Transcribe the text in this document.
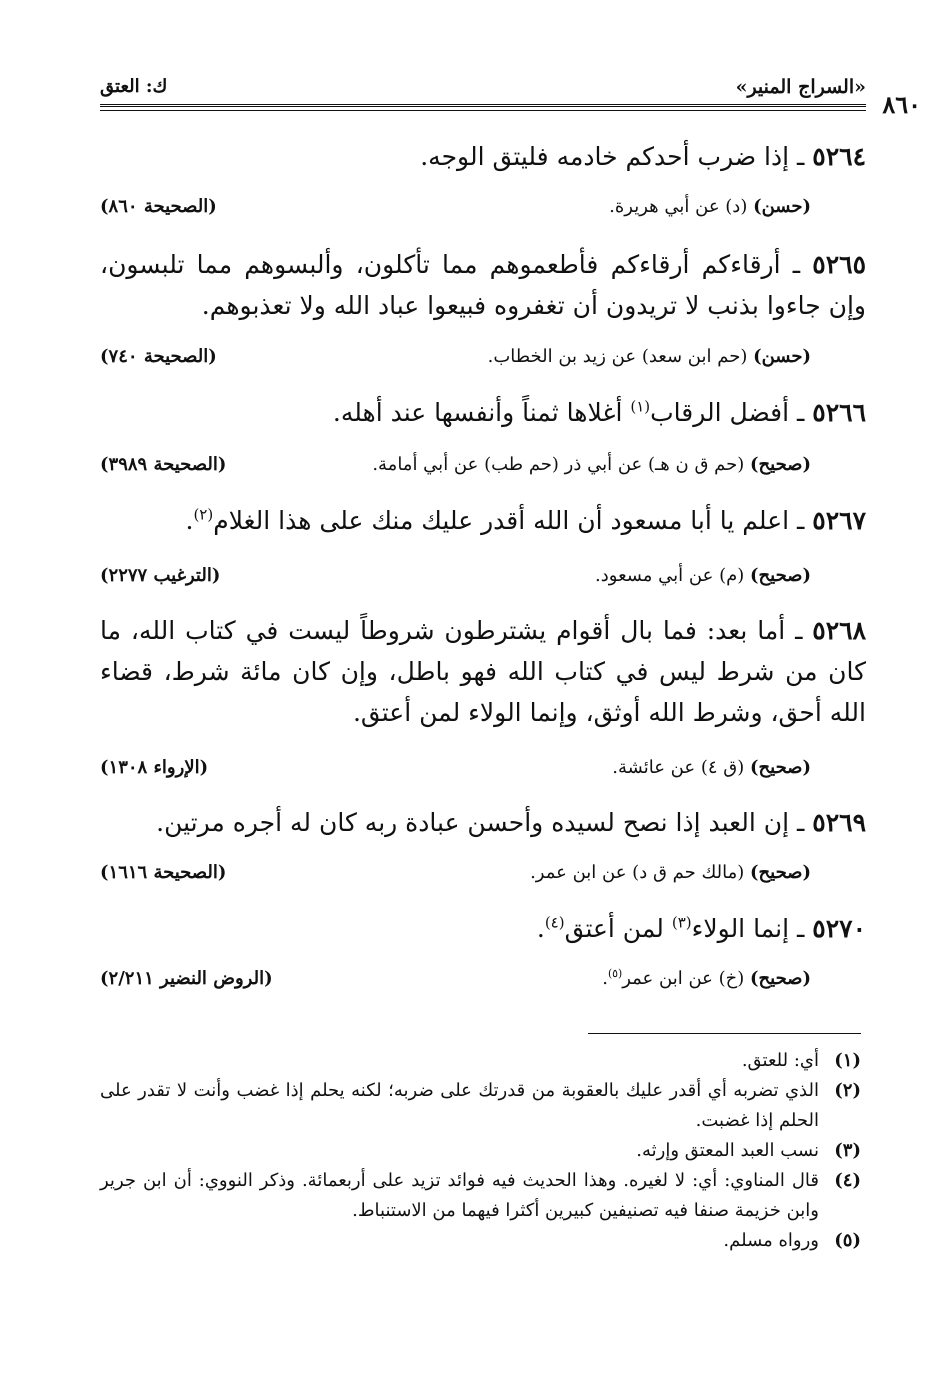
٨٦٠
«السراج المنير»
ك: العتق
٥٢٦٤ ـ إذا ضرب أحدكم خادمه فليتق الوجه.
(حسن) (د) عن أبي هريرة.
(الصحيحة ٨٦٠)
٥٢٦٥ ـ أرقاءكم أرقاءكم فأطعموهم مما تأكلون، وألبسوهم مما تلبسون، وإن جاءوا بذنب لا تريدون أن تغفروه فبيعوا عباد الله ولا تعذبوهم.
(حسن) (حم ابن سعد) عن زيد بن الخطاب.
(الصحيحة ٧٤٠)
٥٢٦٦ ـ أفضل الرقاب$^{(١)}$ أغلاها ثمناً وأنفسها عند أهله.
(صحيح) (حم ق ن هـ) عن أبي ذر (حم طب) عن أبي أمامة.
(الصحيحة ٣٩٨٩)
٥٢٦٧ ـ اعلم يا أبا مسعود أن الله أقدر عليك منك على هذا الغلام$^{(٢)}$.
(صحيح) (م) عن أبي مسعود.
(الترغيب ٢٢٧٧)
٥٢٦٨ ـ أما بعد: فما بال أقوام يشترطون شروطاً ليست في كتاب الله، ما كان من شرط ليس في كتاب الله فهو باطل، وإن كان مائة شرط، قضاء الله أحق، وشرط الله أوثق، وإنما الولاء لمن أعتق.
(صحيح) (ق ٤) عن عائشة.
(الإرواء ١٣٠٨)
٥٢٦٩ ـ إن العبد إذا نصح لسيده وأحسن عبادة ربه كان له أجره مرتين.
(صحيح) (مالك حم ق د) عن ابن عمر.
(الصحيحة ١٦١٦)
٥٢٧٠ ـ إنما الولاء$^{(٣)}$ لمن أعتق$^{(٤)}$.
(صحيح) (خ) عن ابن عمر$^{(٥)}$.
(الروض النضير ٢/٢١١)
(١)
أي: للعتق.
(٢)
الذي تضربه أي أقدر عليك بالعقوبة من قدرتك على ضربه؛ لكنه يحلم إذا غضب وأنت لا تقدر على الحلم إذا غضبت.
(٣)
نسب العبد المعتق وإرثه.
(٤)
قال المناوي: أي: لا لغيره. وهذا الحديث فيه فوائد تزيد على أربعمائة. وذكر النووي: أن ابن جرير وابن خزيمة صنفا فيه تصنيفين كبيرين أكثرا فيهما من الاستنباط.
(٥)
ورواه مسلم.
